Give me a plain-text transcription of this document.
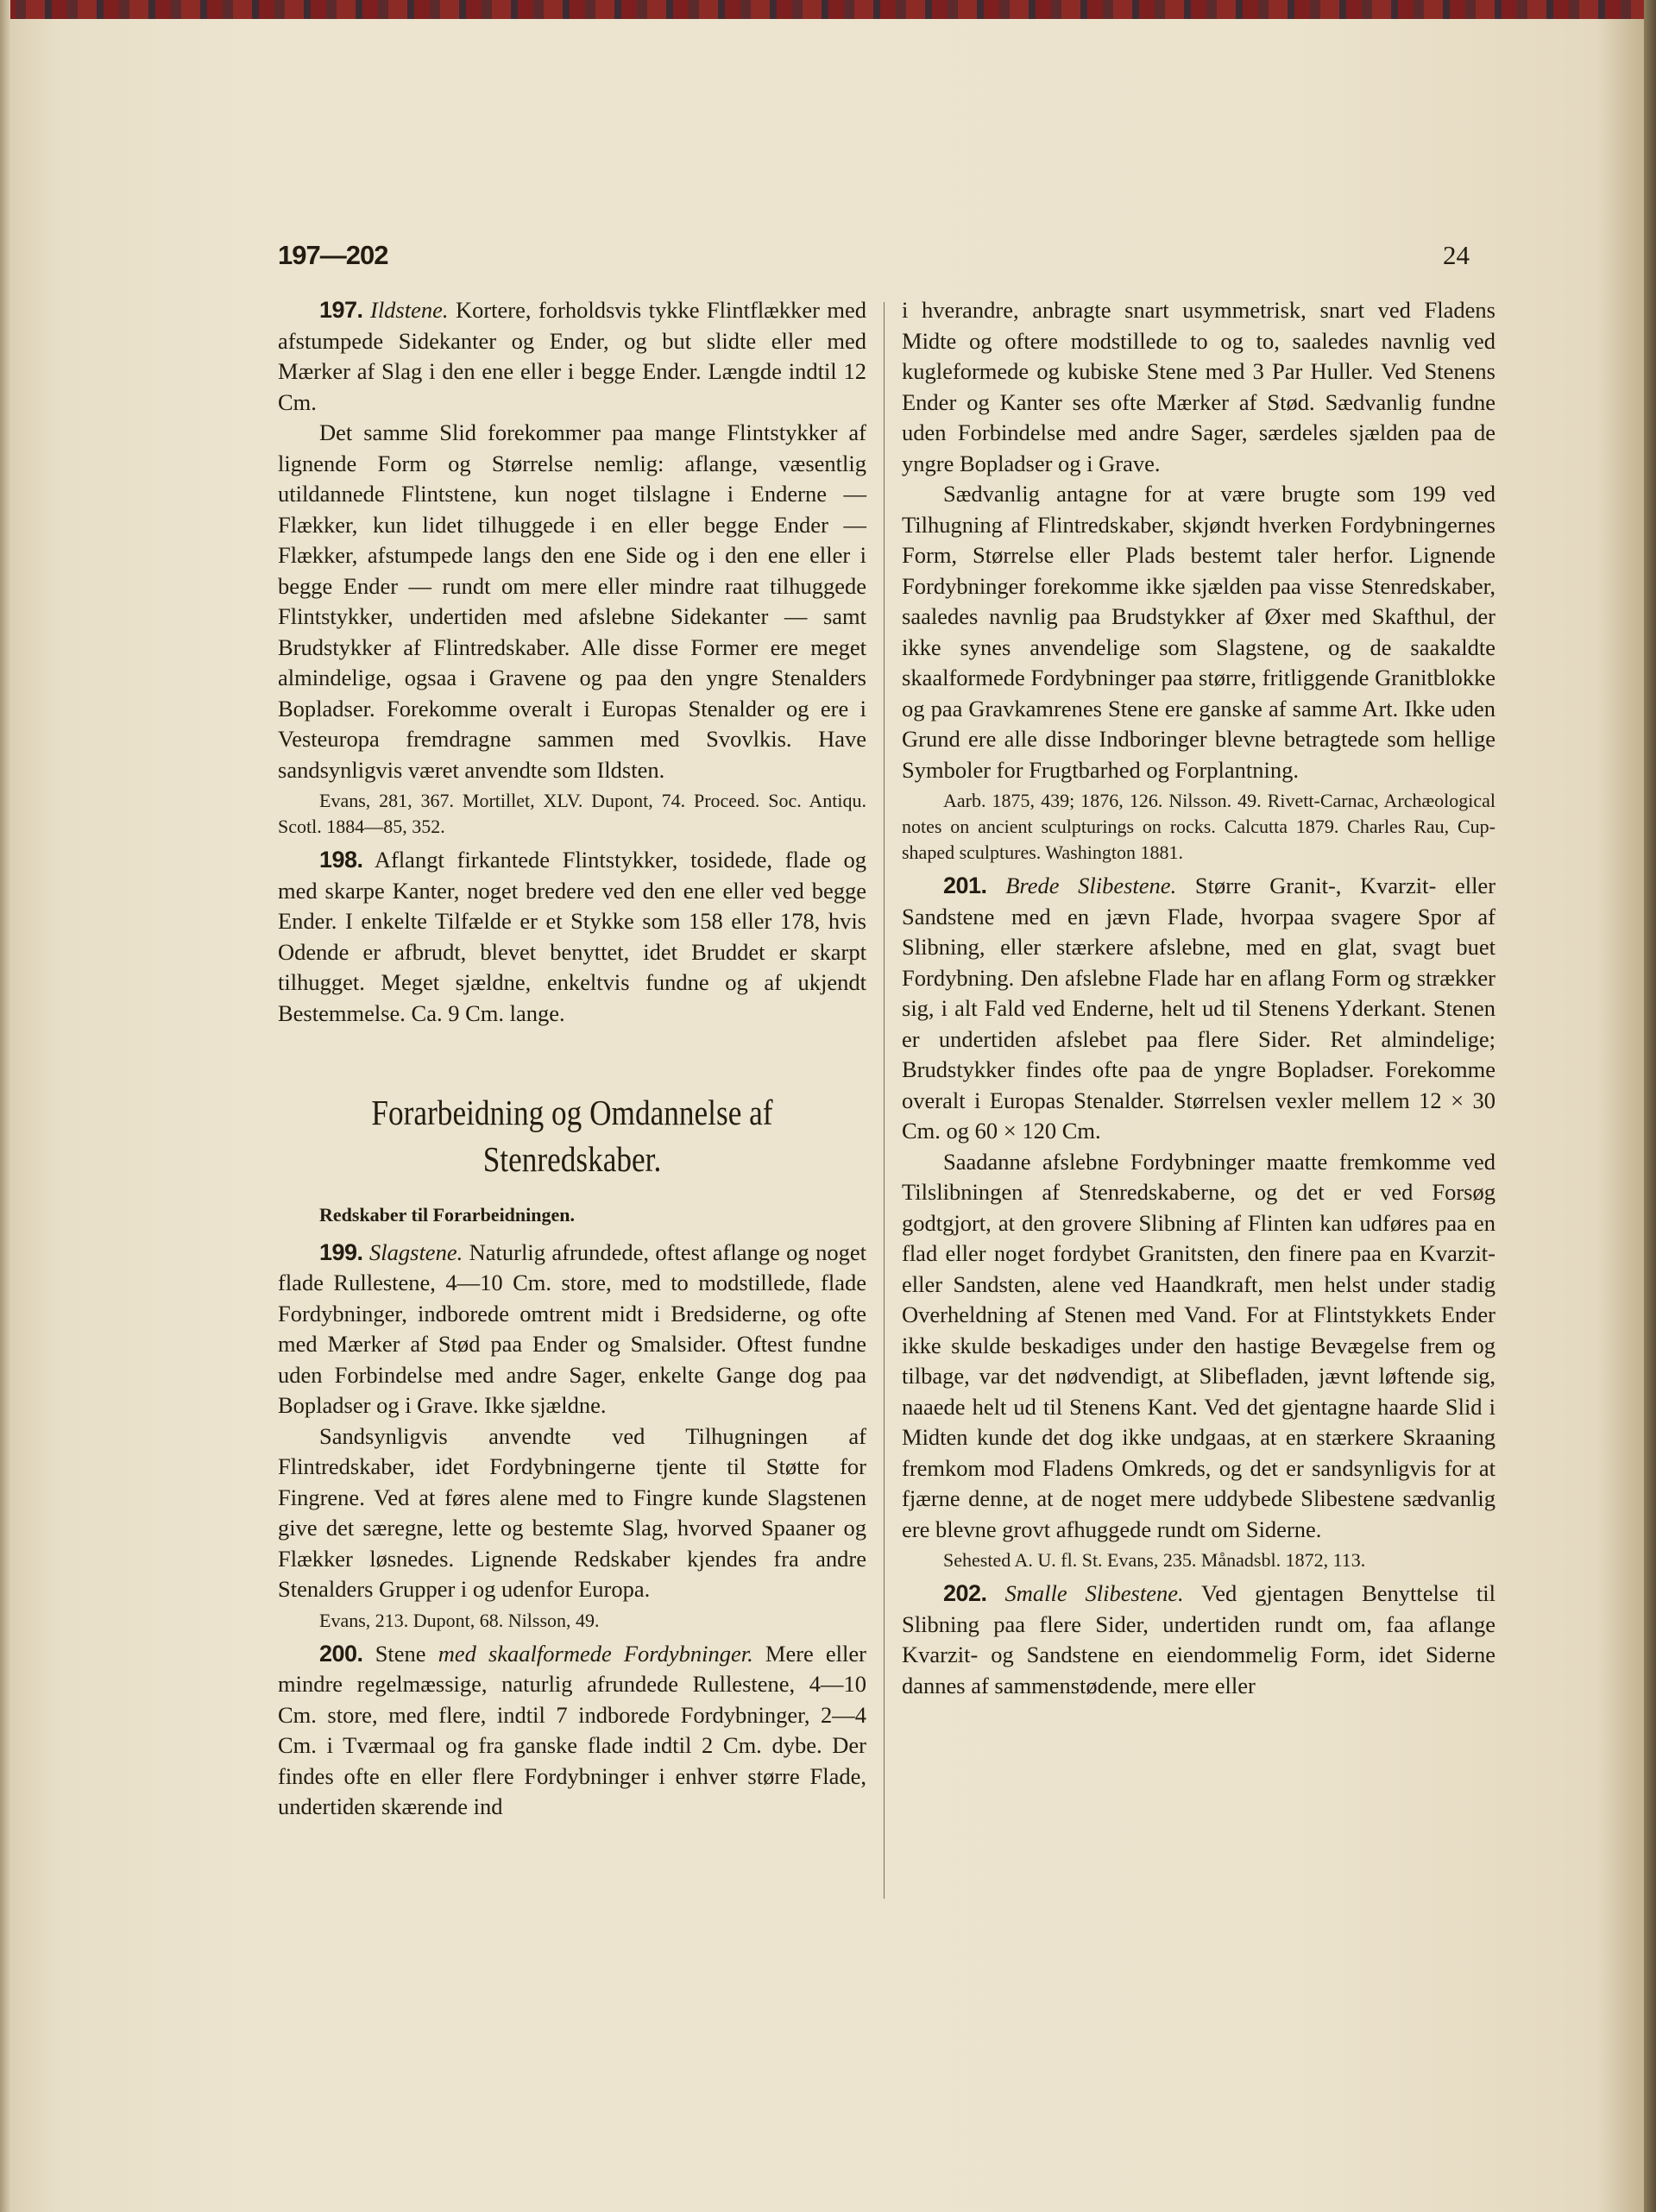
197—202	24

197. Ildstene. Kortere, forholdsvis tykke Flintflækker med afstumpede Sidekanter og Ender, og but slidte eller med Mærker af Slag i den ene eller i begge Ender. Længde indtil 12 Cm.

Det samme Slid forekommer paa mange Flintstykker af lignende Form og Størrelse nemlig: aflange, væsentlig utildannede Flintstene, kun noget tilslagne i Enderne — Flækker, kun lidet tilhuggede i en eller begge Ender — Flækker, afstumpede langs den ene Side og i den ene eller i begge Ender — rundt om mere eller mindre raat tilhuggede Flintstykker, undertiden med afslebne Sidekanter — samt Brudstykker af Flintredskaber. Alle disse Former ere meget almindelige, ogsaa i Gravene og paa den yngre Stenalders Bopladser. Forekomme overalt i Europas Stenalder og ere i Vesteuropa fremdragne sammen med Svovlkis. Have sandsynligvis været anvendte som Ildsten.

Evans, 281, 367. Mortillet, XLV. Dupont, 74. Proceed. Soc. Antiqu. Scotl. 1884—85, 352.

198. Aflangt firkantede Flintstykker, tosidede, flade og med skarpe Kanter, noget bredere ved den ene eller ved begge Ender. I enkelte Tilfælde er et Stykke som 158 eller 178, hvis Odende er afbrudt, blevet benyttet, idet Bruddet er skarpt tilhugget. Meget sjældne, enkeltvis fundne og af ukjendt Bestemmelse. Ca. 9 Cm. lange.

Forarbeidning og Omdannelse af
Stenredskaber.
Redskaber til Forarbeidningen.

199. Slagstene. Naturlig afrundede, oftest aflange og noget flade Rullestene, 4—10 Cm. store, med to modstillede, flade Fordybninger, indborede omtrent midt i Bredsiderne, og ofte med Mærker af Stød paa Ender og Smalsider. Oftest fundne uden Forbindelse med andre Sager, enkelte Gange dog paa Bopladser og i Grave. Ikke sjældne.

Sandsynligvis anvendte ved Tilhugningen af Flintredskaber, idet Fordybningerne tjente til Støtte for Fingrene. Ved at føres alene med to Fingre kunde Slagstenen give det særegne, lette og bestemte Slag, hvorved Spaaner og Flækker løsnedes. Lignende Redskaber kjendes fra andre Stenalders Grupper i og udenfor Europa.

Evans, 213. Dupont, 68. Nilsson, 49.

200. Stene med skaalformede Fordybninger. Mere eller mindre regelmæssige, naturlig afrundede Rullestene, 4—10 Cm. store, med flere, indtil 7 indborede Fordybninger, 2—4 Cm. i Tværmaal og fra ganske flade indtil 2 Cm. dybe. Der findes ofte en eller flere Fordybninger i enhver større Flade, undertiden skærende ind

i hverandre, anbragte snart usymmetrisk, snart ved Fladens Midte og oftere modstillede to og to, saaledes navnlig ved kugleformede og kubiske Stene med 3 Par Huller. Ved Stenens Ender og Kanter ses ofte Mærker af Stød. Sædvanlig fundne uden Forbindelse med andre Sager, særdeles sjælden paa de yngre Bopladser og i Grave.

Sædvanlig antagne for at være brugte som 199 ved Tilhugning af Flintredskaber, skjøndt hverken Fordybningernes Form, Størrelse eller Plads bestemt taler herfor. Lignende Fordybninger forekomme ikke sjælden paa visse Stenredskaber, saaledes navnlig paa Brudstykker af Øxer med Skafthul, der ikke synes anvendelige som Slagstene, og de saakaldte skaalformede Fordybninger paa større, fritliggende Granitblokke og paa Gravkamrenes Stene ere ganske af samme Art. Ikke uden Grund ere alle disse Indboringer blevne betragtede som hellige Symboler for Frugtbarhed og Forplantning.

Aarb. 1875, 439; 1876, 126. Nilsson. 49. Rivett-Carnac, Archæological notes on ancient sculpturings on rocks. Calcutta 1879. Charles Rau, Cup-shaped sculptures. Washington 1881.

201. Brede Slibestene. Større Granit-, Kvarzit- eller Sandstene med en jævn Flade, hvorpaa svagere Spor af Slibning, eller stærkere afslebne, med en glat, svagt buet Fordybning. Den afslebne Flade har en aflang Form og strækker sig, i alt Fald ved Enderne, helt ud til Stenens Yderkant. Stenen er undertiden afslebet paa flere Sider. Ret almindelige; Brudstykker findes ofte paa de yngre Bopladser. Forekomme overalt i Europas Stenalder. Størrelsen vexler mellem 12 × 30 Cm. og 60 × 120 Cm.

Saadanne afslebne Fordybninger maatte fremkomme ved Tilslibningen af Stenredskaberne, og det er ved Forsøg godtgjort, at den grovere Slibning af Flinten kan udføres paa en flad eller noget fordybet Granitsten, den finere paa en Kvarzit- eller Sandsten, alene ved Haandkraft, men helst under stadig Overheldning af Stenen med Vand. For at Flintstykkets Ender ikke skulde beskadiges under den hastige Bevægelse frem og tilbage, var det nødvendigt, at Slibefladen, jævnt løftende sig, naaede helt ud til Stenens Kant. Ved det gjentagne haarde Slid i Midten kunde det dog ikke undgaas, at en stærkere Skraaning fremkom mod Fladens Omkreds, og det er sandsynligvis for at fjærne denne, at de noget mere uddybede Slibestene sædvanlig ere blevne grovt afhuggede rundt om Siderne.

Sehested A. U. fl. St. Evans, 235. Månadsbl. 1872, 113.

202. Smalle Slibestene. Ved gjentagen Benyttelse til Slibning paa flere Sider, undertiden rundt om, faa aflange Kvarzit- og Sandstene en eiendommelig Form, idet Siderne dannes af sammenstødende, mere eller
